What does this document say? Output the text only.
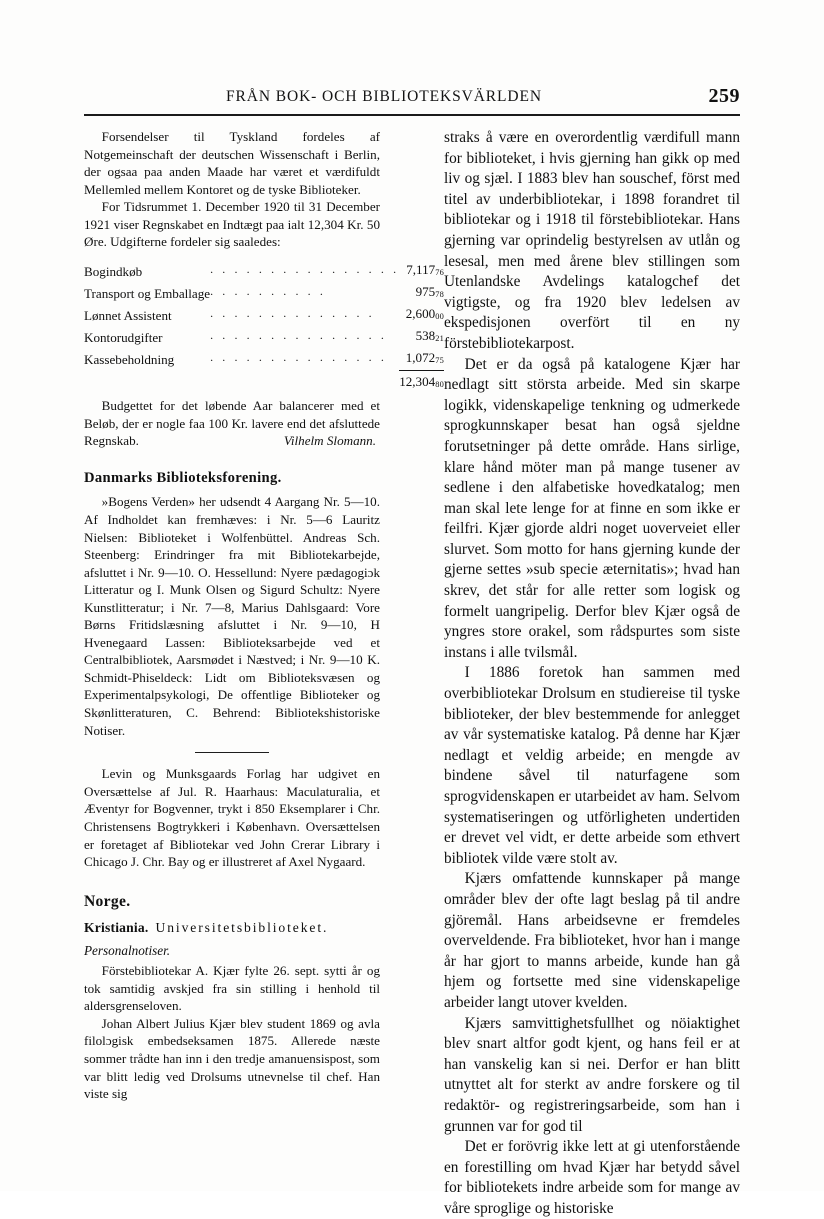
FRÅN BOK- OCH BIBLIOTEKSVÄRLDEN	259

Forsendelser til Tyskland fordeles af Notgemeinschaft der deutschen Wissenschaft i Berlin, der ogsaa paa anden Maade har været et værdifuldt Mellemled mellem Kontoret og de tyske Biblioteker.

For Tidsrummet 1. December 1920 til 31 December 1921 viser Regnskabet en Indtægt paa ialt 12,304 Kr. 50 Øre. Udgifterne fordeler sig saaledes:

Bogindkøb	. . . . . . . . . . . . . . . .	7,11776
Transport og Emballage	. . . . . . . . . .	97578
Lønnet Assistent	. . . . . . . . . . . . . .	2,60000
Kontorudgifter	. . . . . . . . . . . . . . .	53821
Kassebeholdning	. . . . . . . . . . . . . . .	1,07275
		12,30480

Budgettet for det løbende Aar balancerer med et Beløb, der er nogle faa 100 Kr. lavere end det afsluttede Regnskab.	Vilhelm Slomann.

Danmarks Biblioteksforening.

»Bogens Verden» her udsendt 4 Aargang Nr. 5—10. Af Indholdet kan fremhæves: i Nr. 5—6 Lauritz Nielsen: Biblioteket i Wolfenbüttel. Andreas Sch. Steenberg: Erindringer fra mit Bibliotekarbejde, afsluttet i Nr. 9—10. O. Hessellund: Nyere pædagogiɔk Litteratur og I. Munk Olsen og Sigurd Schultz: Nyere Kunstlitteratur; i Nr. 7—8, Marius Dahlsgaard: Vore Børns Fritidslæsning afsluttet i Nr. 9—10, H Hvenegaard Lassen: Biblioteksarbejde ved et Centralbibliotek, Aarsmødet i Næstved; i Nr. 9—10 K. Schmidt-Phiseldeck: Lidt om Biblioteksvæsen og Experimentalpsykologi, De offentlige Biblioteker og Skønlitteraturen, C. Behrend: Bibliotekshistoriske Notiser.

Levin og Munksgaards Forlag har udgivet en Oversættelse af Jul. R. Haarhaus: Maculaturalia, et Æventyr for Bogvenner, trykt i 850 Eksemplarer i Chr. Christensens Bogtrykkeri i København. Oversættelsen er foretaget af Bibliotekar ved John Crerar Library i Chicago J. Chr. Bay og er illustreret af Axel Nygaard.

Norge.
Kristiania. Universitetsbiblioteket.
Personalnotiser.

Förstebibliotekar A. Kjær fylte 26. sept. sytti år og tok samtidig avskjed fra sin stilling i henhold til aldersgrenseloven.

Johan Albert Julius Kjær blev student 1869 og avla filolɔgisk embedseksamen 1875. Allerede næste sommer trådte han inn i den tredje amanuensispost, som var blitt ledig ved Drolsums utnevnelse til chef. Han viste sig

straks å være en overordentlig værdifull mann for biblioteket, i hvis gjerning han gikk op med liv og sjæl. I 1883 blev han souschef, först med titel av underbibliotekar, i 1898 forandret til bibliotekar og i 1918 til förstebibliotekar. Hans gjerning var oprindelig bestyrelsen av utlån og lesesal, men med årene blev stillingen som Utenlandske Avdelings katalogchef det vigtigste, og fra 1920 blev ledelsen av ekspedisjonen overfört til en ny förstebibliotekarpost.

Det er da også på katalogene Kjær har nedlagt sitt största arbeide. Med sin skarpe logikk, videnskapelige tenkning og udmerkede sprogkunnskaper besat han også sjeldne forutsetninger på dette område. Hans sirlige, klare hånd möter man på mange tusener av sedlene i den alfabetiske hovedkatalog; men man skal lete lenge for at finne en som ikke er feilfri. Kjær gjorde aldri noget uoverveiet eller slurvet. Som motto for hans gjerning kunde der gjerne settes »sub specie æternitatis»; hvad han skrev, det står for alle retter som logisk og formelt uangripelig. Derfor blev Kjær også de yngres store orakel, som rådspurtes som siste instans i alle tvilsmål.

I 1886 foretok han sammen med overbibliotekar Drolsum en studiereise til tyske biblioteker, der blev bestemmende for anlegget av vår systematiske katalog. På denne har Kjær nedlagt et veldig arbeide; en mengde av bindene såvel til naturfagene som sprogvidenskapen er utarbeidet av ham. Selvom systematiseringen og utförligheten undertiden er drevet vel vidt, er dette arbeide som ethvert bibliotek vilde være stolt av.

Kjærs omfattende kunnskaper på mange områder blev der ofte lagt beslag på til andre gjöremål. Hans arbeidsevne er fremdeles overveldende. Fra biblioteket, hvor han i mange år har gjort to manns arbeide, kunde han gå hjem og fortsette med sine videnskapelige arbeider langt utover kvelden.

Kjærs samvittighetsfullhet og nöiaktighet blev snart altfor godt kjent, og hans feil er at han vanskelig kan si nei. Derfor er han blitt utnyttet alt for sterkt av andre forskere og til redaktör- og registreringsarbeide, som han i grunnen var for god til

Det er forövrig ikke lett at gi utenforstående en forestilling om hvad Kjær har betydd såvel for bibliotekets indre arbeide som for mange av våre sproglige og historiske
